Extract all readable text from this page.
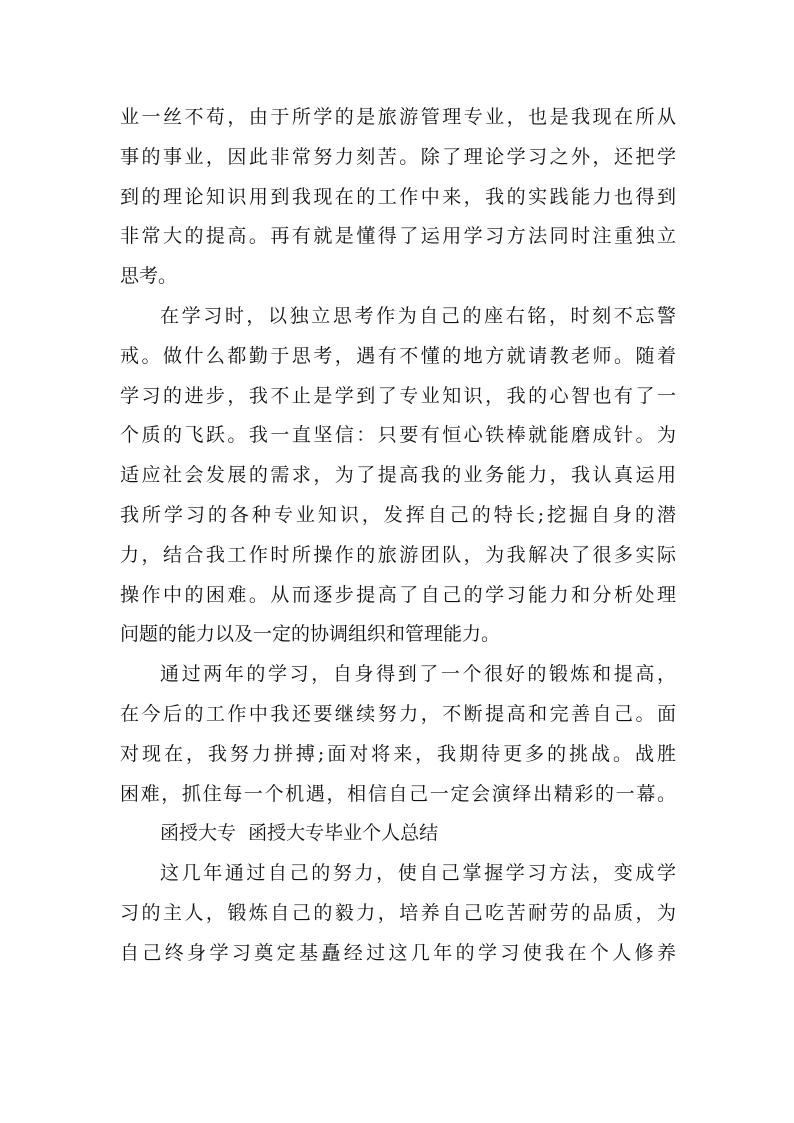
业一丝不苟，由于所学的是旅游管理专业，也是我现在所从
事的事业，因此非常努力刻苦。除了理论学习之外，还把学
到的理论知识用到我现在的工作中来，我的实践能力也得到
非常大的提高。再有就是懂得了运用学习方法同时注重独立
思考。
在学习时，以独立思考作为自己的座右铭，时刻不忘警
戒。做什么都勤于思考，遇有不懂的地方就请教老师。随着
学习的进步，我不止是学到了专业知识，我的心智也有了一
个质的飞跃。我一直坚信：只要有恒心铁棒就能磨成针。为
适应社会发展的需求，为了提高我的业务能力，我认真运用
我所学习的各种专业知识，发挥自己的特长;挖掘自身的潜
力，结合我工作时所操作的旅游团队，为我解决了很多实际
操作中的困难。从而逐步提高了自己的学习能力和分析处理
问题的能力以及一定的协调组织和管理能力。
通过两年的学习，自身得到了一个很好的锻炼和提高，
在今后的工作中我还要继续努力，不断提高和完善自己。面
对现在，我努力拼搏;面对将来，我期待更多的挑战。战胜
困难，抓住每一个机遇，相信自己一定会演绎出精彩的一幕。
函授大专  函授大专毕业个人总结
这几年通过自己的努力，使自己掌握学习方法，变成学
习的主人，锻炼自己的毅力，培养自己吃苦耐劳的品质，为
自己终身学习奠定基矗经过这几年的学习使我在个人修养
